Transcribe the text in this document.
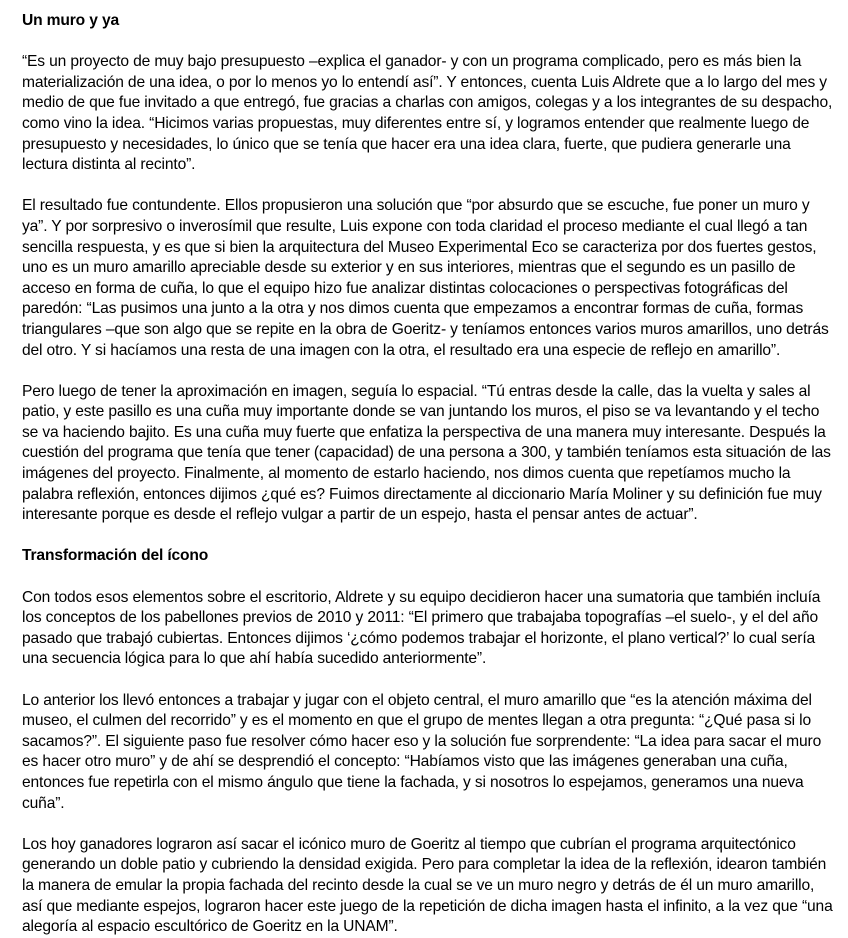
Un muro y ya

“Es un proyecto de muy bajo presupuesto –explica el ganador- y con un programa complicado, pero es más bien la materialización de una idea, o por lo menos yo lo entendí así”. Y entonces, cuenta Luis Aldrete que a lo largo del mes y medio de que fue invitado a que entregó, fue gracias a charlas con amigos, colegas y a los integrantes de su despacho, como vino la idea. “Hicimos varias propuestas, muy diferentes entre sí, y logramos entender que realmente luego de presupuesto y necesidades, lo único que se tenía que hacer era una idea clara, fuerte, que pudiera generarle una lectura distinta al recinto”.

El resultado fue contundente. Ellos propusieron una solución que “por absurdo que se escuche, fue poner un muro y ya”. Y por sorpresivo o inverosímil que resulte, Luis expone con toda claridad el proceso mediante el cual llegó a tan sencilla respuesta, y es que si bien la arquitectura del Museo Experimental Eco se caracteriza por dos fuertes gestos, uno es un muro amarillo apreciable desde su exterior y en sus interiores, mientras que el segundo es un pasillo de acceso en forma de cuña, lo que el equipo hizo fue analizar distintas colocaciones o perspectivas fotográficas del paredón: “Las pusimos una junto a la otra y nos dimos cuenta que empezamos a encontrar formas de cuña, formas triangulares –que son algo que se repite en la obra de Goeritz- y teníamos entonces varios muros amarillos, uno detrás del otro. Y si hacíamos una resta de una imagen con la otra, el resultado era una especie de reflejo en amarillo”.

Pero luego de tener la aproximación en imagen, seguía lo espacial. “Tú entras desde la calle, das la vuelta y sales al patio, y este pasillo es una cuña muy importante donde se van juntando los muros, el piso se va levantando y el techo se va haciendo bajito. Es una cuña muy fuerte que enfatiza la perspectiva de una manera muy interesante. Después la cuestión del programa que tenía que tener (capacidad) de una persona a 300, y también teníamos esta situación de las imágenes del proyecto. Finalmente, al momento de estarlo haciendo, nos dimos cuenta que repetíamos mucho la palabra reflexión, entonces dijimos ¿qué es? Fuimos directamente al diccionario María Moliner y su definición fue muy interesante porque es desde el reflejo vulgar a partir de un espejo, hasta el pensar antes de actuar”.

Transformación del ícono

Con todos esos elementos sobre el escritorio, Aldrete y su equipo decidieron hacer una sumatoria que también incluía los conceptos de los pabellones previos de 2010 y 2011: “El primero que trabajaba topografías –el suelo-, y el del año pasado que trabajó cubiertas. Entonces dijimos ‘¿cómo podemos trabajar el horizonte, el plano vertical?’ lo cual sería una secuencia lógica para lo que ahí había sucedido anteriormente”.

Lo anterior los llevó entonces a trabajar y jugar con el objeto central, el muro amarillo que “es la atención máxima del museo, el culmen del recorrido” y es el momento en que el grupo de mentes llegan a otra pregunta: “¿Qué pasa si lo sacamos?”. El siguiente paso fue resolver cómo hacer eso y la solución fue sorprendente: “La idea para sacar el muro es hacer otro muro” y de ahí se desprendió el concepto: “Habíamos visto que las imágenes generaban una cuña, entonces fue repetirla con el mismo ángulo que tiene la fachada, y si nosotros lo espejamos, generamos una nueva cuña”.

Los hoy ganadores lograron así sacar el icónico muro de Goeritz al tiempo que cubrían el programa arquitectónico generando un doble patio y cubriendo la densidad exigida. Pero para completar la idea de la reflexión, idearon también la manera de emular la propia fachada del recinto desde la cual se ve un muro negro y detrás de él un muro amarillo, así que mediante espejos, lograron hacer este juego de la repetición de dicha imagen hasta el infinito, a la vez que “una alegoría al espacio escultórico de Goeritz en la UNAM”.
